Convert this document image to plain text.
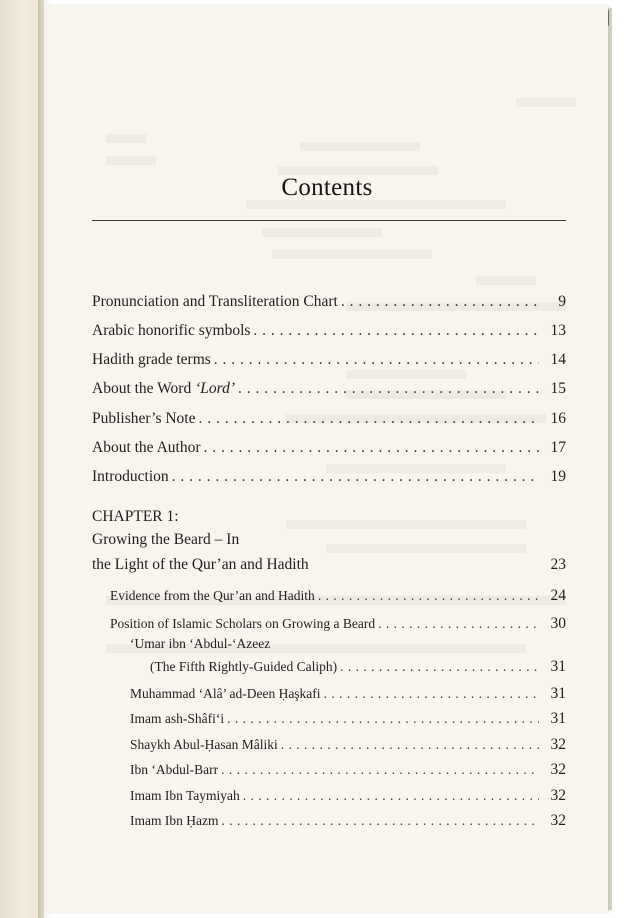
Contents
Pronunciation and Transliteration Chart . . .	9
Arabic honorific symbols . . .	13
Hadith grade terms . . .	14
About the Word ‘Lord’ . . .	15
Publisher’s Note . . .	16
About the Author . . .	17
Introduction . . .	19
CHAPTER 1:
Growing the Beard – In
the Light of the Qur’an and Hadith	23
Evidence from the Qur’an and Hadith . . .	24
Position of Islamic Scholars on Growing a Beard . . .	30
‘Umar ibn ‘Abdul-‘Azeez
(The Fifth Rightly-Guided Caliph) . . .	31
Muhammad ‘Alâ’ ad-Deen Ḥaşkafi . . .	31
Imam ash-Shâfi‘i . . .	31
Shaykh Abul-Ḥasan Mâliki . . .	32
Ibn ‘Abdul-Barr . . .	32
Imam Ibn Taymiyah . . .	32
Imam Ibn Ḥazm . . .	32
